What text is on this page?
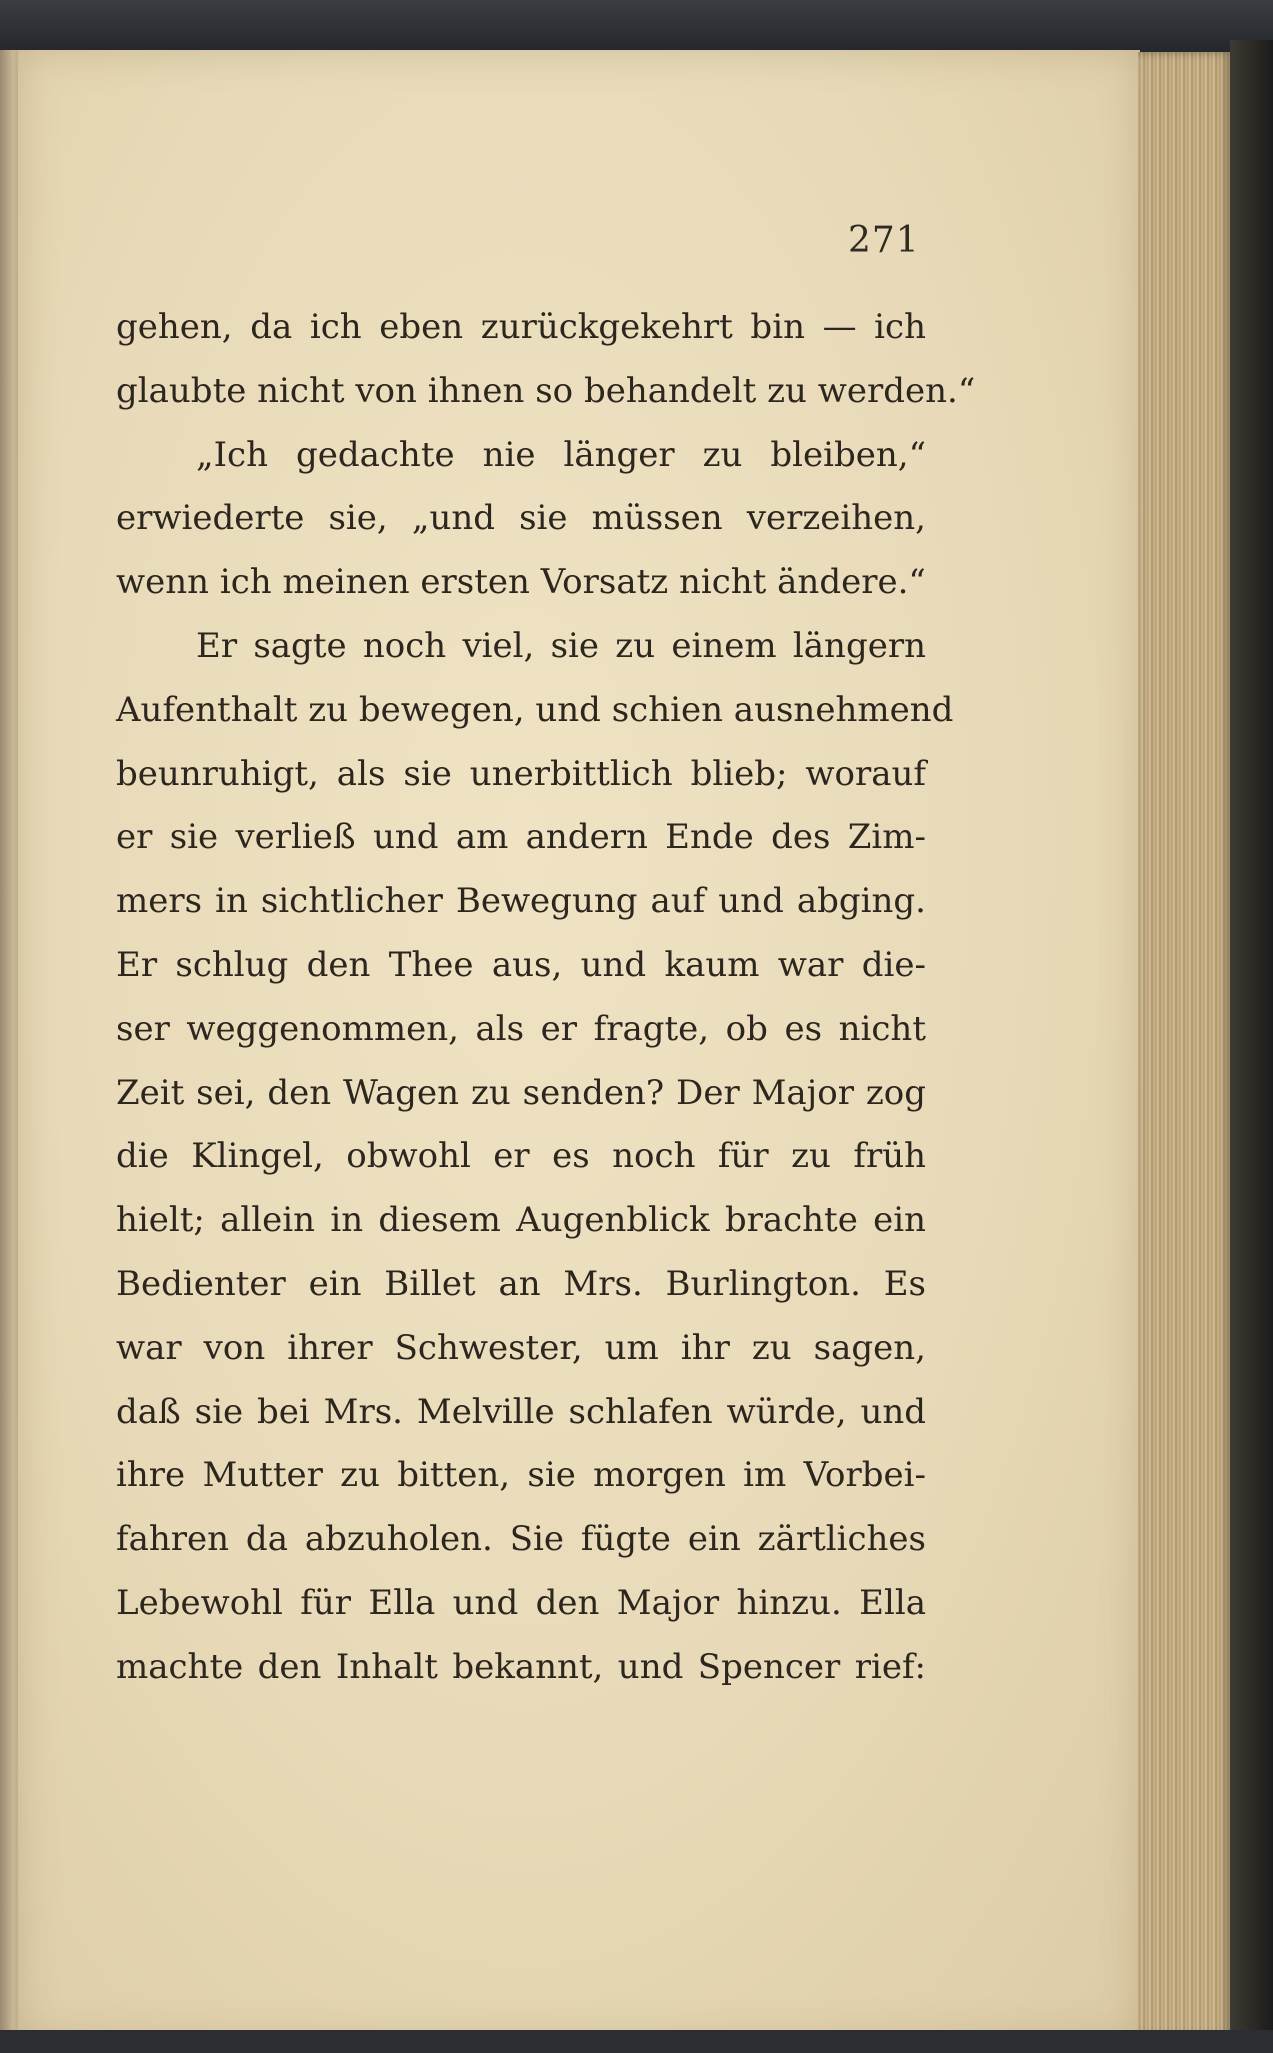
271
gehen, da ich eben zurückgekehrt bin — ich
glaubte nicht von ihnen so behandelt zu werden.“
„Ich gedachte nie länger zu bleiben,“
erwiederte sie, „und sie müssen verzeihen,
wenn ich meinen ersten Vorsatz nicht ändere.“
Er sagte noch viel, sie zu einem längern
Aufenthalt zu bewegen, und schien ausnehmend
beunruhigt, als sie unerbittlich blieb; worauf
er sie verließ und am andern Ende des Zim-
mers in sichtlicher Bewegung auf und abging.
Er schlug den Thee aus, und kaum war die-
ser weggenommen, als er fragte, ob es nicht
Zeit sei, den Wagen zu senden? Der Major zog
die Klingel, obwohl er es noch für zu früh
hielt; allein in diesem Augenblick brachte ein
Bedienter ein Billet an Mrs. Burlington. Es
war von ihrer Schwester, um ihr zu sagen,
daß sie bei Mrs. Melville schlafen würde, und
ihre Mutter zu bitten, sie morgen im Vorbei-
fahren da abzuholen. Sie fügte ein zärtliches
Lebewohl für Ella und den Major hinzu. Ella
machte den Inhalt bekannt, und Spencer rief:
